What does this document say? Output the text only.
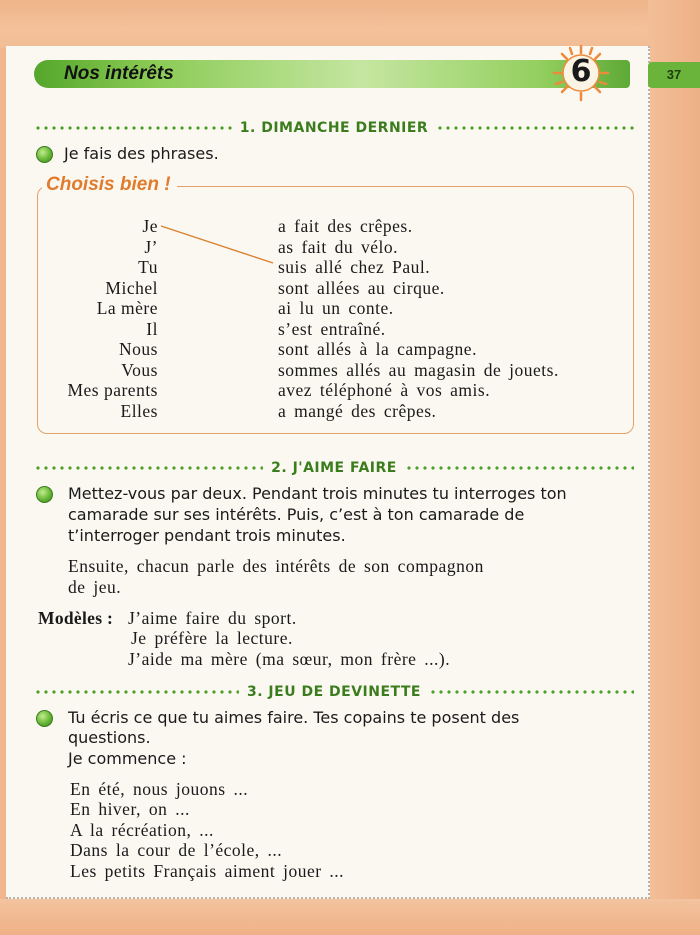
Nos intérêts	6	37
1. DIMANCHE DERNIER
Je fais des phrases.
Choisis bien !
Je
J’
Tu
Michel
La mère
Il
Nous
Vous
Mes parents
Elles
a fait des crêpes.
as fait du vélo.
suis allé chez Paul.
sont allées au cirque.
ai lu un conte.
s’est entraîné.
sont allés à la campagne.
sommes allés au magasin de jouets.
avez téléphoné à vos amis.
a mangé des crêpes.
2. J'AIME FAIRE
Mettez-vous par deux. Pendant trois minutes tu interroges ton
camarade sur ses intérêts. Puis, c’est à ton camarade de
t’interroger pendant trois minutes.
Ensuite, chacun parle des intérêts de son compagnon
de jeu.
Modèles : J’aime faire du sport.
Je préfère la lecture.
J’aide ma mère (ma sœur, mon frère ...).
3. JEU DE DEVINETTE
Tu écris ce que tu aimes faire. Tes copains te posent des
questions.
Je commence :
En été, nous jouons ...
En hiver, on ...
A la récréation, ...
Dans la cour de l’école, ...
Les petits Français aiment jouer ...
